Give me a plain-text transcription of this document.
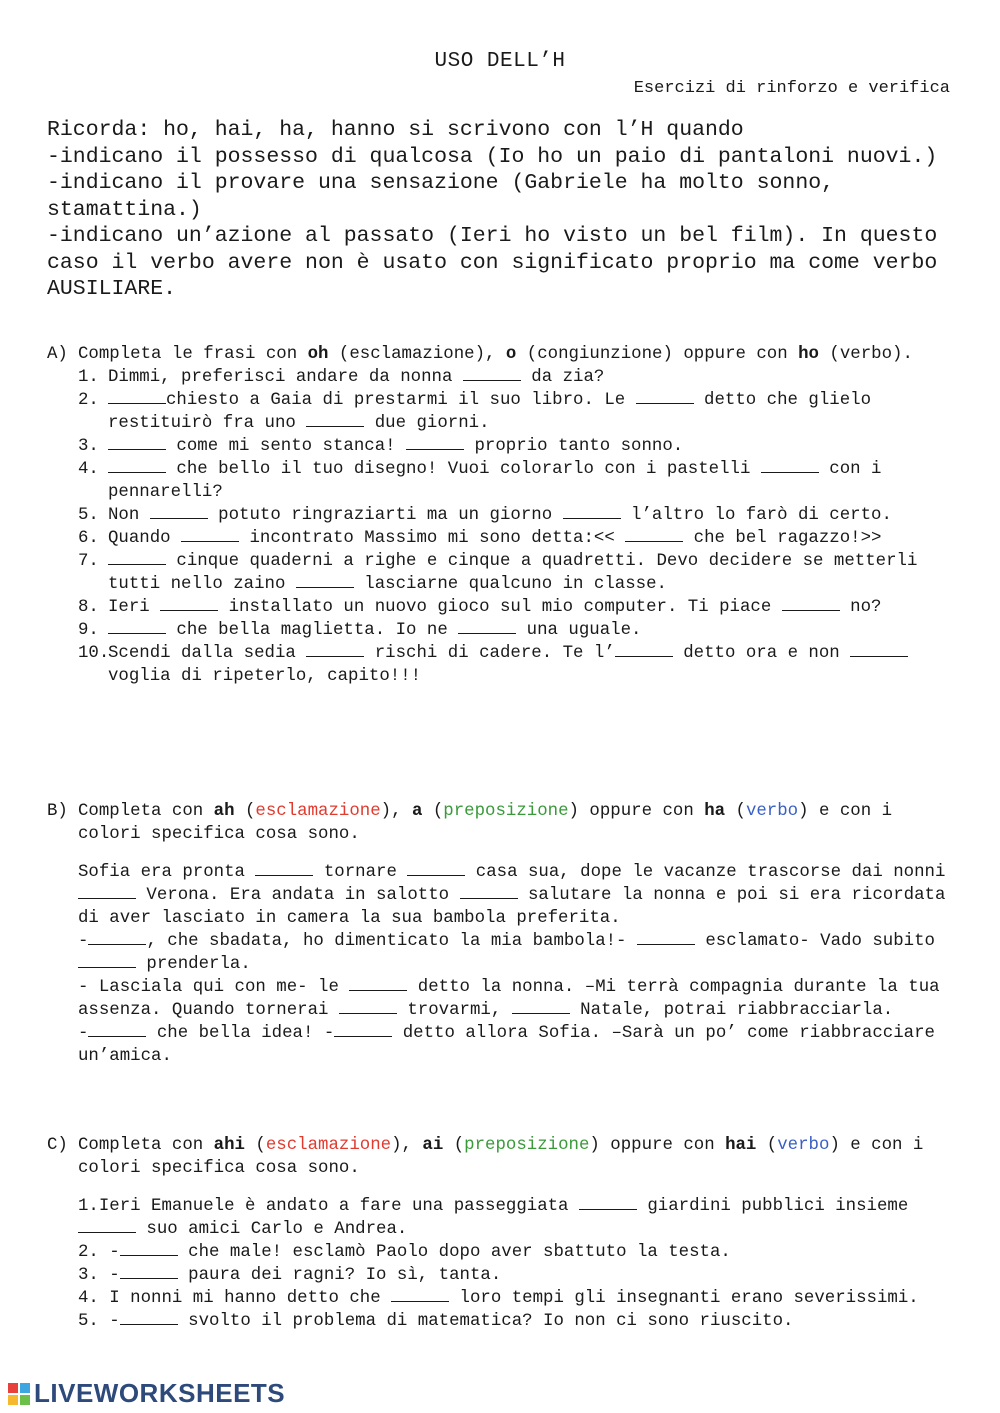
USO DELL’H
Esercizi di rinforzo e verifica

Ricorda: ho, hai, ha, hanno si scrivono con l’H quando

-indicano il possesso di qualcosa (Io ho un paio di pantaloni nuovi.)

-indicano il provare una sensazione (Gabriele ha molto sonno, stamattina.)

-indicano un’azione al passato (Ieri ho visto un bel film). In questo caso il verbo avere non è usato con significato proprio ma come verbo AUSILIARE.

A) Completa le frasi con oh (esclamazione), o (congiunzione) oppure con ho (verbo).
1. Dimmi, preferisci andare da nonna	da zia?
2.	chiesto a Gaia di prestarmi il suo libro. Le	detto che glielo restituirò fra uno	due giorni.
3.	come mi sento stanca!	proprio tanto sonno.
4.	che bello il tuo disegno! Vuoi colorarlo con i pastelli	con i pennarelli?
5. Non	potuto ringraziarti ma un giorno	l’altro lo farò di certo.
6. Quando	incontrato Massimo mi sono detta:<<	che bel ragazzo!>>
7.	cinque quaderni a righe e cinque a quadretti. Devo decidere se metterli tutti nello zaino	lasciarne qualcuno in classe.
8. Ieri	installato un nuovo gioco sul mio computer. Ti piace	no?
9.	che bella maglietta. Io ne	una uguale.
10.
Scendi dalla sedia	rischi di cadere. Te l’	detto ora e non  voglia di ripeterlo, capito!!!
B) Completa con ah (esclamazione), a (preposizione) oppure con ha (verbo) e con i colori specifica cosa sono.

Sofia era pronta	tornare	casa sua, dope le vacanze trascorse dai nonni  Verona. Era andata in salotto	salutare la nonna e poi si era ricordata di aver lasciato in camera la sua bambola preferita.

-	, che sbadata, ho dimenticato la mia bambola!-	esclamato- Vado subito  prenderla.

- Lasciala qui con me- le	detto la nonna. –Mi terrà compagnia durante la tua assenza. Quando tornerai	trovarmi,	Natale, potrai riabbracciarla.

-	che bella idea! -	detto allora Sofia. –Sarà un po’ come riabbracciare un’amica.

C) Completa con ahi (esclamazione), ai (preposizione) oppure con hai (verbo) e con i colori specifica cosa sono.

1.Ieri Emanuele è andato a fare una passeggiata	giardini pubblici insieme  suo amici Carlo e Andrea.

2. -	che male! esclamò Paolo dopo aver sbattuto la testa.

3. -	paura dei ragni? Io sì, tanta.

4. I nonni mi hanno detto che	loro tempi gli insegnanti erano severissimi.

5. -	svolto il problema di matematica? Io non ci sono riuscito.

LIVEWORKSHEETS
